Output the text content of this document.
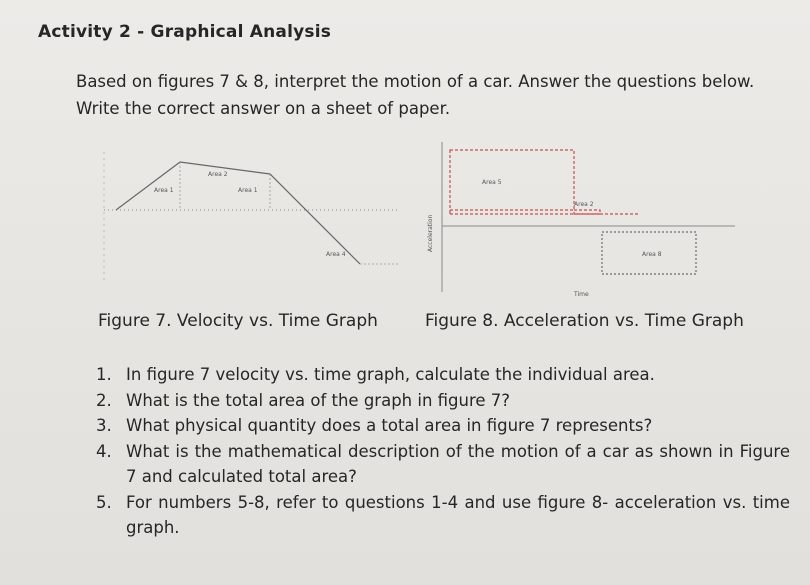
Activity 2 - Graphical Analysis
Based on figures 7 & 8, interpret the motion of a car. Answer the questions below. Write the correct answer on a sheet of paper.
Area 1
Area 2
Area 1
Area 4
Acceleration
Area 5
Area 2
Area 8
Time
Figure 7. Velocity vs. Time Graph	Figure 8. Acceleration vs. Time Graph
1. In figure 7 velocity vs. time graph, calculate the individual area.
2. What is the total area of the graph in figure 7?
3. What physical quantity does a total area in figure 7 represents?
4. What is the mathematical description of the motion of a car as shown in Figure 7 and calculated total area?
5. For numbers 5-8, refer to questions 1-4 and use figure 8- acceleration vs. time graph.
